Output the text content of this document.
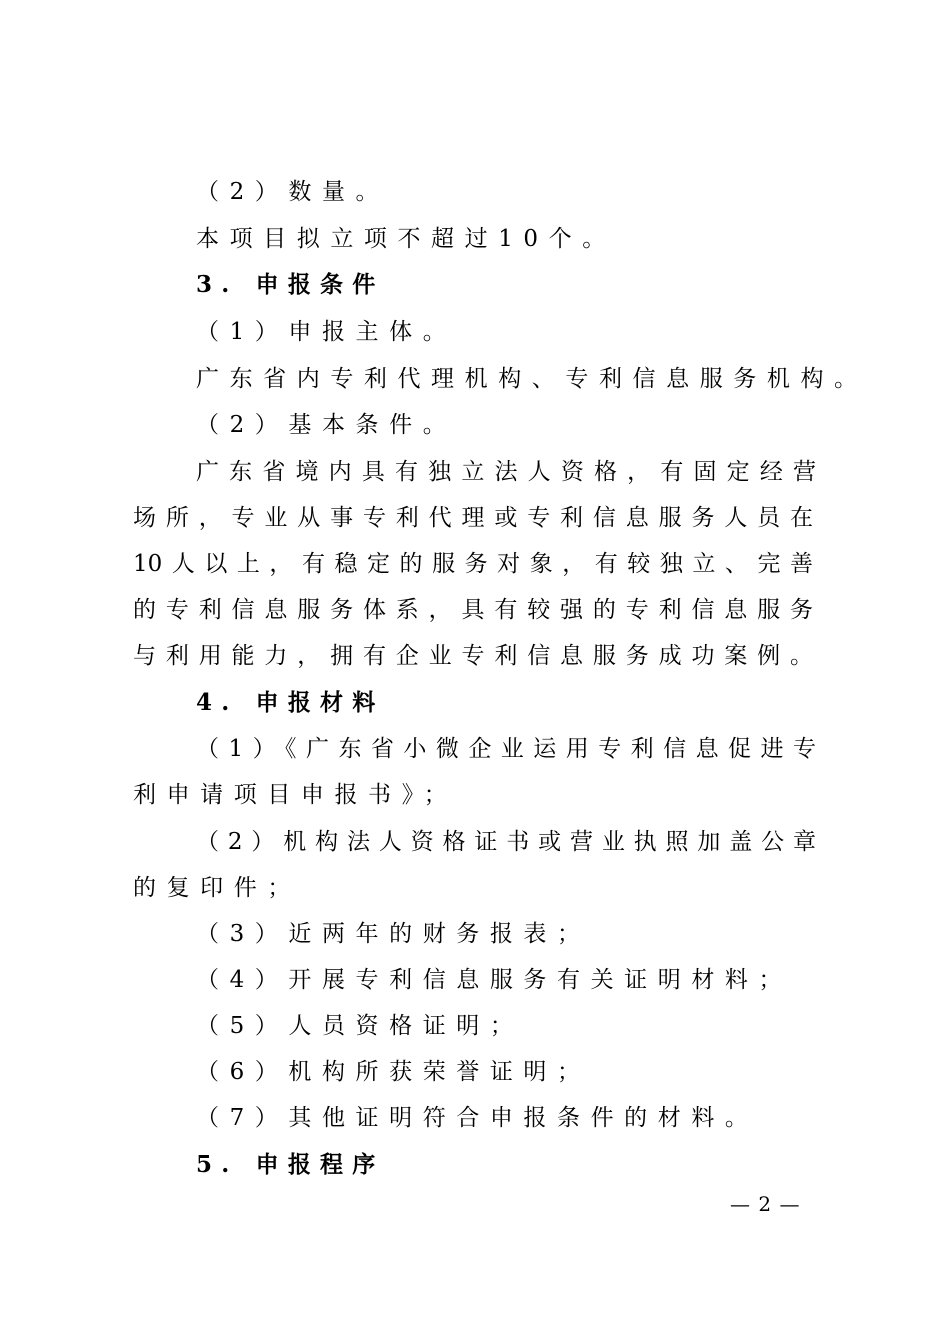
（2）数量。
本项目拟立项不超过10个。
3. 申报条件
（1）申报主体。
广东省内专利代理机构、专利信息服务机构。
（2）基本条件。
广东省境内具有独立法人资格，有固定经营
场所，专业从事专利代理或专利信息服务人员在
10人以上，有稳定的服务对象，有较独立、完善
的专利信息服务体系，具有较强的专利信息服务
与利用能力，拥有企业专利信息服务成功案例。
4. 申报材料
（1）《广东省小微企业运用专利信息促进专
利申请项目申报书》；
（2）机构法人资格证书或营业执照加盖公章
的复印件；
（3）近两年的财务报表；
（4）开展专利信息服务有关证明材料；
（5）人员资格证明；
（6）机构所获荣誉证明；
（7）其他证明符合申报条件的材料。
5. 申报程序
— 2 —
